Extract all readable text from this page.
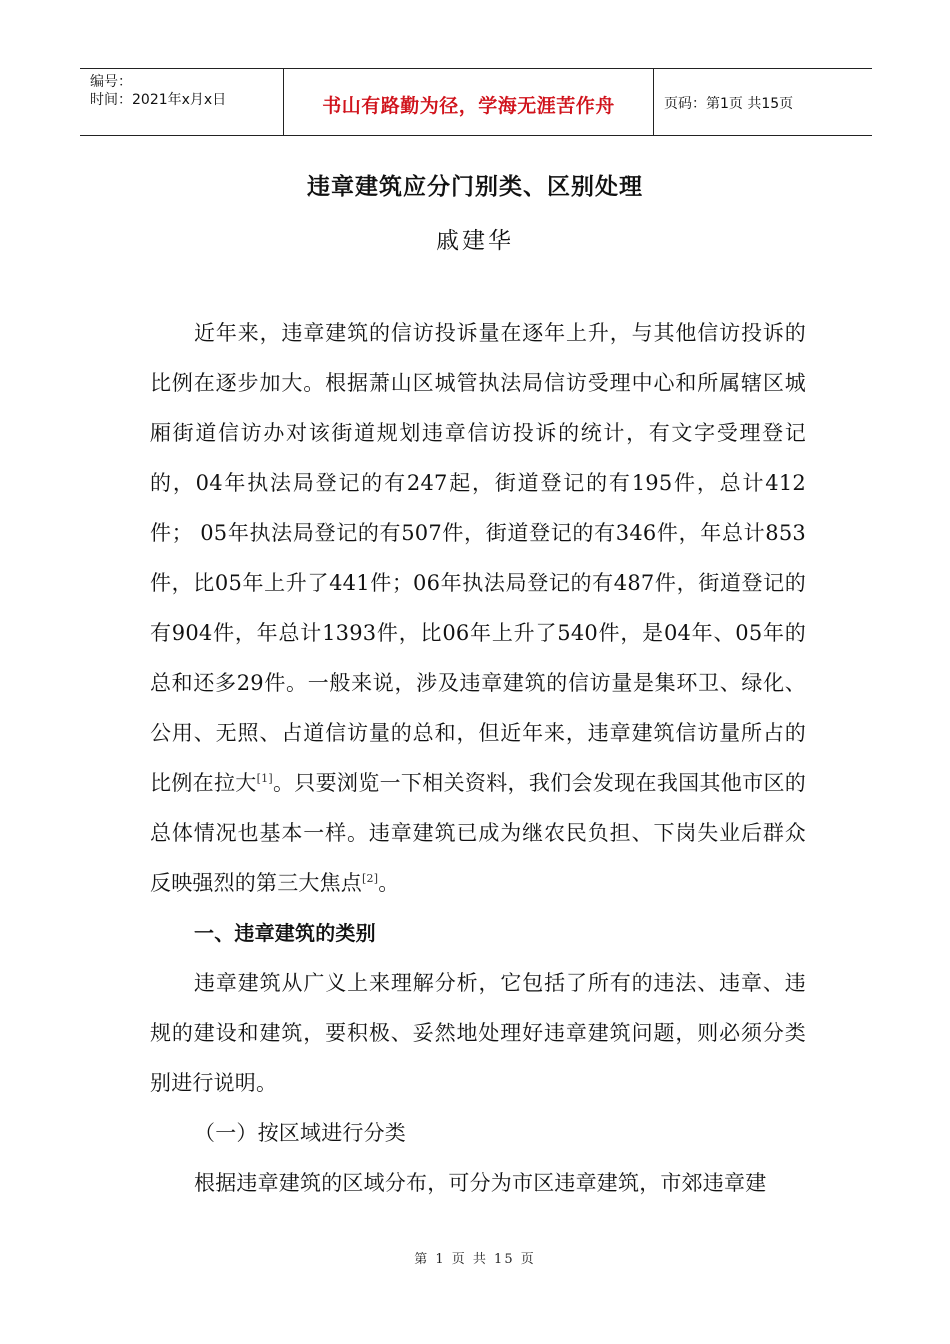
编号：
时间：2021年x月x日	书山有路勤为径，学海无涯苦作舟	页码：第1页 共15页
违章建筑应分门别类、区别处理
戚建华

近年来，违章建筑的信访投诉量在逐年上升，与其他信访投诉的比例在逐步加大。根据萧山区城管执法局信访受理中心和所属辖区城厢街道信访办对该街道规划违章信访投诉的统计，有文字受理登记的，04年执法局登记的有247起，街道登记的有195件，总计412件； 05年执法局登记的有507件，街道登记的有346件，年总计853件，比05年上升了441件；06年执法局登记的有487件，街道登记的有904件，年总计1393件，比06年上升了540件，是04年、05年的总和还多29件。一般来说，涉及违章建筑的信访量是集环卫、绿化、公用、无照、占道信访量的总和，但近年来，违章建筑信访量所占的比例在拉大[1]。只要浏览一下相关资料，我们会发现在我国其他市区的总体情况也基本一样。违章建筑已成为继农民负担、下岗失业后群众反映强烈的第三大焦点[2]。

一、违章建筑的类别

违章建筑从广义上来理解分析，它包括了所有的违法、违章、违规的建设和建筑，要积极、妥然地处理好违章建筑问题，则必须分类别进行说明。

（一）按区域进行分类

根据违章建筑的区域分布，可分为市区违章建筑，市郊违章建

第 1 页 共 15 页
